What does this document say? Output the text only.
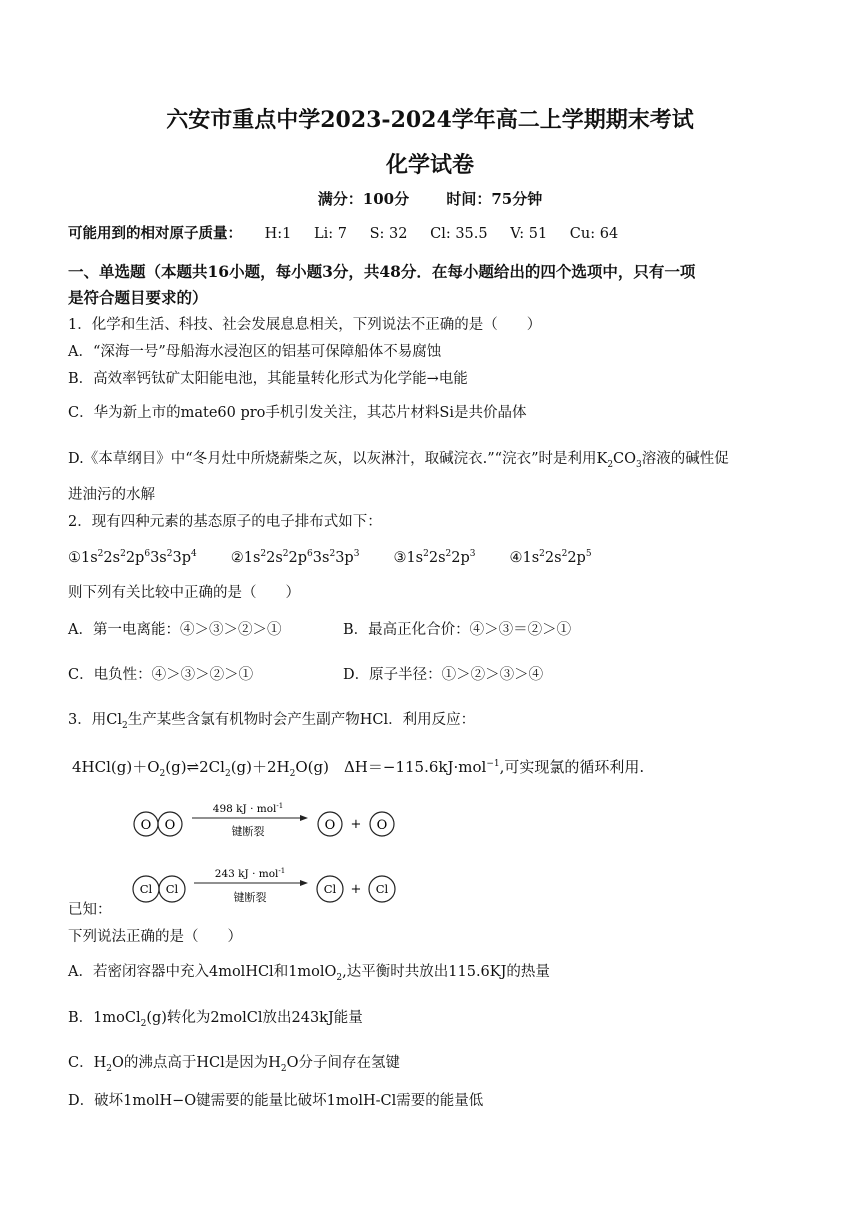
六安市重点中学2023-2024学年高二上学期期末考试
化学试卷
满分：100分 时间：75分钟
可能用到的相对原子质量： H:1 Li: 7 S: 32 Cl: 35.5 V: 51 Cu: 64
一、单选题（本题共16小题，每小题3分，共48分．在每小题给出的四个选项中，只有一项
是符合题目要求的）
1．化学和生活、科技、社会发展息息相关，下列说法不正确的是（　　）
A．“深海一号”母船海水浸泡区的铝基可保障船体不易腐蚀
B．高效率钙钛矿太阳能电池，其能量转化形式为化学能→电能
C．华为新上市的mate60 pro手机引发关注，其芯片材料Si是共价晶体
D.《本草纲目》中“冬月灶中所烧薪柴之灰，以灰淋汁，取碱浣衣.”“浣衣”时是利用$K_2CO_3$溶液的碱性促
进油污的水解
2．现有四种元素的基态原子的电子排布式如下：
$①1s^22s^22p^63s^23p^4$ $②1s^22s^22p^63s^23p^3$ $③1s^22s^22p^3$ $④1s^22s^22p^5$
则下列有关比较中正确的是（　　）
A．第一电离能：④＞③＞②＞①	B．最高正化合价：④＞③＝②＞①
C．电负性：④＞③＞②＞①	D．原子半径：①＞②＞③＞④
3．用$Cl_2$生产某些含氯有机物时会产生副产物HCl．利用反应：
$4HCl(g)+O_2(g)\rightleftharpoons 2Cl_2(g)+2H_2O(g)$　ΔH＝−115.6kJ·mol$^{-1}$,可实现氯的循环利用.
O O
498 kJ · mol$^{-1}$
键断裂	O + O
Cl Cl
243 kJ · mol$^{-1}$
键断裂
Cl + Cl
已知：
下列说法正确的是（　　）
A．若密闭容器中充入4molHCl和1molO$_2$,达平衡时共放出115.6KJ的热量
B．1moCl$_2$(g)转化为2molCl放出243kJ能量
C．$H_2O$的沸点高于HCl是因为$H_2O$分子间存在氢键
D．破坏1molH−O键需要的能量比破坏1molH-Cl需要的能量低
